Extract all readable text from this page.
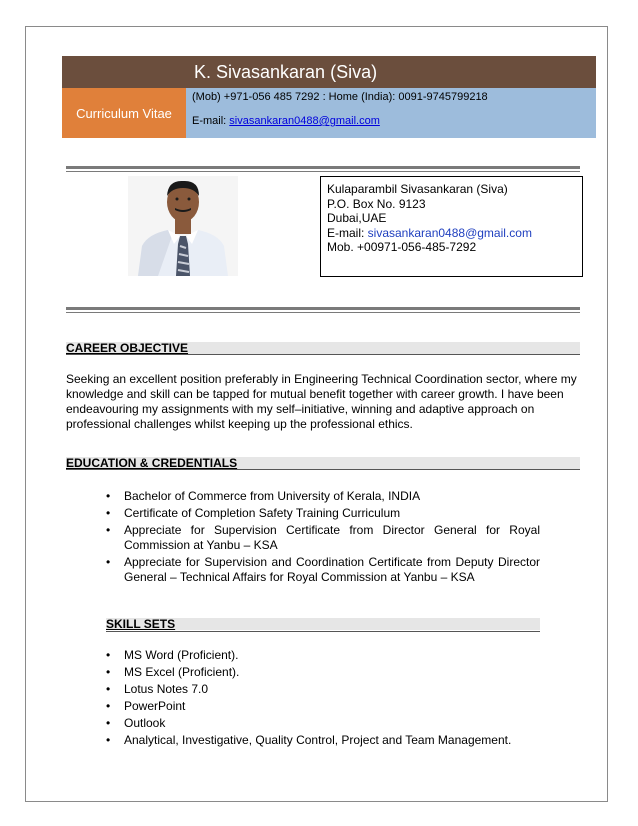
Curriculum Vitae
K. Sivasankaran (Siva)
(Mob) +971-056 485 7292 : Home (India): 0091-9745799218
E-mail: sivasankaran0488@gmail.com
Kulaparambil Sivasankaran (Siva)
P.O. Box No. 9123
Dubai,UAE
E-mail: sivasankaran0488@gmail.com
Mob. +00971-056-485-7292
CAREER OBJECTIVE
Seeking an excellent position preferably in Engineering Technical Coordination sector, where my knowledge and skill can be tapped for mutual benefit together with career growth. I have been endeavouring my assignments with my self–initiative, winning and adaptive approach on professional challenges whilst keeping up the professional ethics.
EDUCATION & CREDENTIALS
• Bachelor of Commerce from University of Kerala, INDIA
• Certificate of Completion Safety Training Curriculum
• Appreciate for Supervision Certificate from Director General for Royal Commission at Yanbu – KSA
• Appreciate for Supervision and Coordination Certificate from Deputy Director General – Technical Affairs for Royal Commission at Yanbu – KSA
SKILL SETS
• MS Word (Proficient).
• MS Excel (Proficient).
• Lotus Notes 7.0
• PowerPoint
• Outlook
• Analytical, Investigative, Quality Control, Project and Team Management.
